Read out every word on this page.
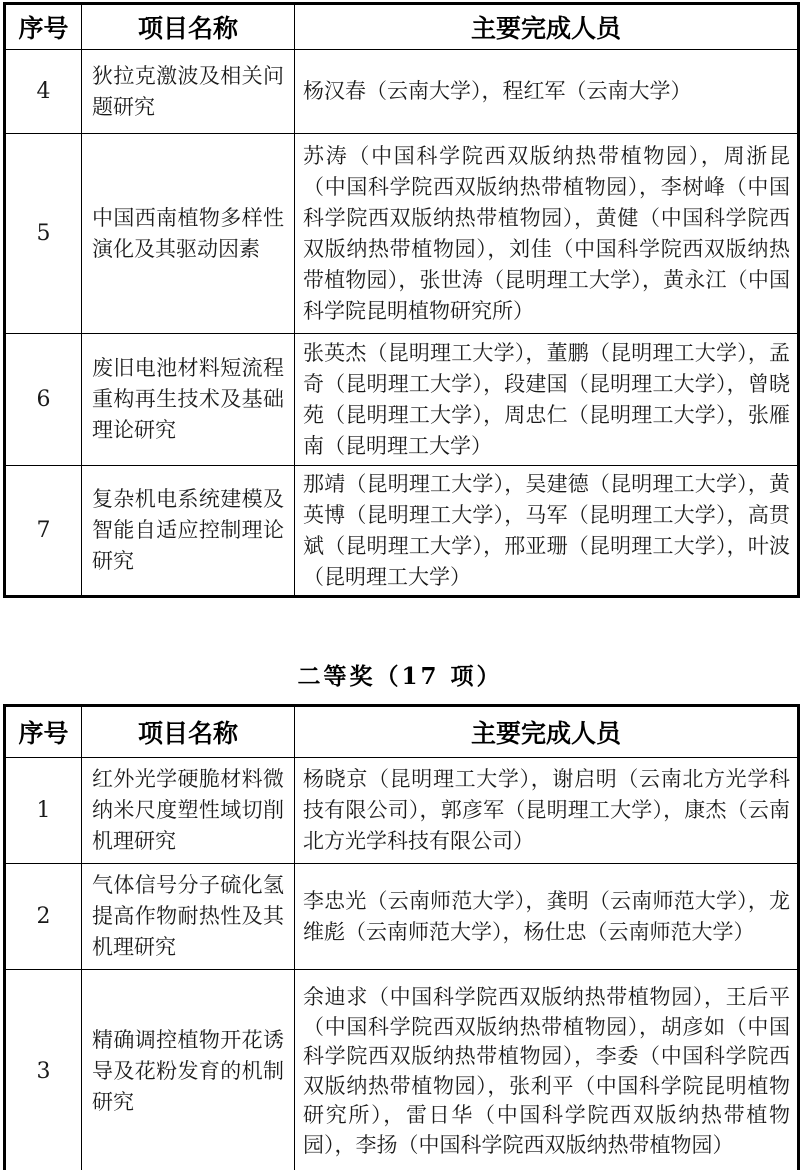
序号	项目名称	主要完成人员
4	狄拉克激波及相关问题研究	杨汉春（云南大学），程红军（云南大学）

5	中国西南植物多样性演化及其驱动因素	苏涛（中国科学院西双版纳热带植物园），周浙昆（中国科学院西双版纳热带植物园），李树峰（中国科学院西双版纳热带植物园），黄健（中国科学院西双版纳热带植物园），刘佳（中国科学院西双版纳热带植物园），张世涛（昆明理工大学），黄永江（中国科学院昆明植物研究所）

6	废旧电池材料短流程重构再生技术及基础理论研究	张英杰（昆明理工大学），董鹏（昆明理工大学），孟奇（昆明理工大学），段建国（昆明理工大学），曾晓苑（昆明理工大学），周忠仁（昆明理工大学），张雁南（昆明理工大学）

7	复杂机电系统建模及智能自适应控制理论研究	那靖（昆明理工大学），吴建德（昆明理工大学），黄英博（昆明理工大学），马军（昆明理工大学），高贯斌（昆明理工大学），邢亚珊（昆明理工大学），叶波（昆明理工大学）
二等奖（17 项）
序号	项目名称	主要完成人员
1	红外光学硬脆材料微纳米尺度塑性域切削机理研究	杨晓京（昆明理工大学），谢启明（云南北方光学科技有限公司），郭彦军（昆明理工大学），康杰（云南北方光学科技有限公司）

2	气体信号分子硫化氢提高作物耐热性及其机理研究	李忠光（云南师范大学），龚明（云南师范大学），龙维彪（云南师范大学），杨仕忠（云南师范大学）

3	精确调控植物开花诱导及花粉发育的机制研究	余迪求（中国科学院西双版纳热带植物园），王后平（中国科学院西双版纳热带植物园），胡彦如（中国科学院西双版纳热带植物园），李委（中国科学院西双版纳热带植物园），张利平（中国科学院昆明植物研究所），雷日华（中国科学院西双版纳热带植物园），李扬（中国科学院西双版纳热带植物园）
